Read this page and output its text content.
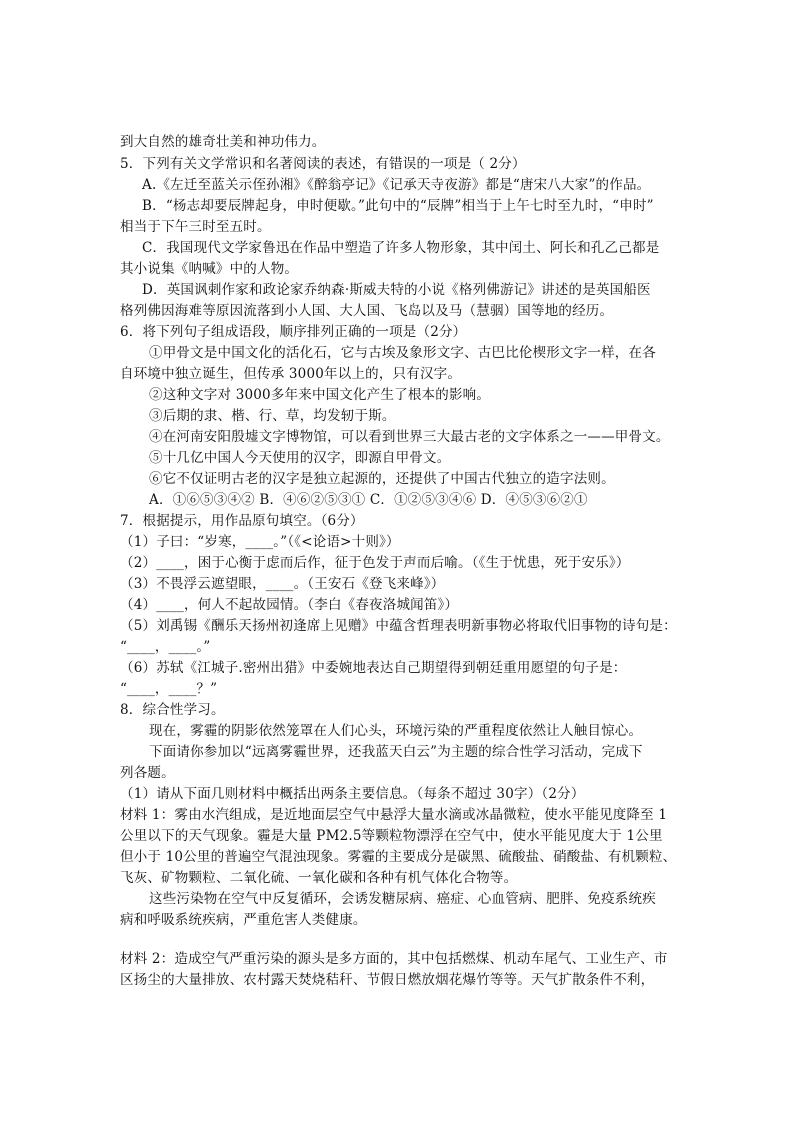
到大自然的雄奇壮美和神功伟力。
5．下列有关文学常识和名著阅读的表述，有错误的一项是（ 2分）
A.《左迁至蓝关示侄孙湘》《醉翁亭记》《记承天寺夜游》都是“唐宋八大家”的作品。
B．“杨志却要辰牌起身，申时便歇。”此句中的“辰牌”相当于上午七时至九时，“申时”
相当于下午三时至五时。
C．我国现代文学家鲁迅在作品中塑造了许多人物形象，其中闰土、阿长和孔乙己都是
其小说集《呐喊》中的人物。
D．英国讽刺作家和政论家乔纳森·斯威夫特的小说《格列佛游记》讲述的是英国船医
格列佛因海难等原因流落到小人国、大人国、飞岛以及马（慧骃）国等地的经历。
6．将下列句子组成语段，顺序排列正确的一项是（2分）
①甲骨文是中国文化的活化石，它与古埃及象形文字、古巴比伦楔形文字一样，在各
自环境中独立诞生，但传承 3000年以上的，只有汉字。
②这种文字对 3000多年来中国文化产生了根本的影响。
③后期的隶、楷、行、草，均发轫于斯。
④在河南安阳殷墟文字博物馆，可以看到世界三大最古老的文字体系之一——甲骨文。
⑤十几亿中国人今天使用的汉字，即源自甲骨文。
⑥它不仅证明古老的汉字是独立起源的，还提供了中国古代独立的造字法则。
A．①⑥⑤③④② B．④⑥②⑤③① C．①②⑤③④⑥ D．④⑤③⑥②①
7．根据提示，用作品原句填空。（6分）
（1）子曰：“岁寒，____。”（《<论语>十则》）
（2）____，困于心衡于虑而后作，征于色发于声而后喻。（《生于忧患，死于安乐》）
（3）不畏浮云遮望眼，____。（王安石《登飞来峰》）
（4）____，何人不起故园情。（李白《春夜洛城闻笛》）
（5）刘禹锡《酬乐天扬州初逢席上见赠》中蕴含哲理表明新事物必将取代旧事物的诗句是：
“____，____。”
（6）苏轼《江城子.密州出猎》中委婉地表达自己期望得到朝廷重用愿望的句子是：
“____，____？”
8．综合性学习。
现在，雾霾的阴影依然笼罩在人们心头，环境污染的严重程度依然让人触目惊心。
下面请你参加以“远离雾霾世界，还我蓝天白云”为主题的综合性学习活动，完成下
列各题。
（1）请从下面几则材料中概括出两条主要信息。（每条不超过 30字）（2分）
材料 1：雾由水汽组成，是近地面层空气中悬浮大量水滴或冰晶微粒，使水平能见度降至 1
公里以下的天气现象。霾是大量 PM2.5等颗粒物漂浮在空气中，使水平能见度大于 1公里
但小于 10公里的普遍空气混浊现象。雾霾的主要成分是碳黑、硫酸盐、硝酸盐、有机颗粒、
飞灰、矿物颗粒、二氧化硫、一氧化碳和各种有机气体化合物等。
这些污染物在空气中反复循环，会诱发糖尿病、癌症、心血管病、肥胖、免疫系统疾
病和呼吸系统疾病，严重危害人类健康。
材料 2：造成空气严重污染的源头是多方面的，其中包括燃煤、机动车尾气、工业生产、市
区扬尘的大量排放、农村露天焚烧秸秆、节假日燃放烟花爆竹等等。天气扩散条件不利，
